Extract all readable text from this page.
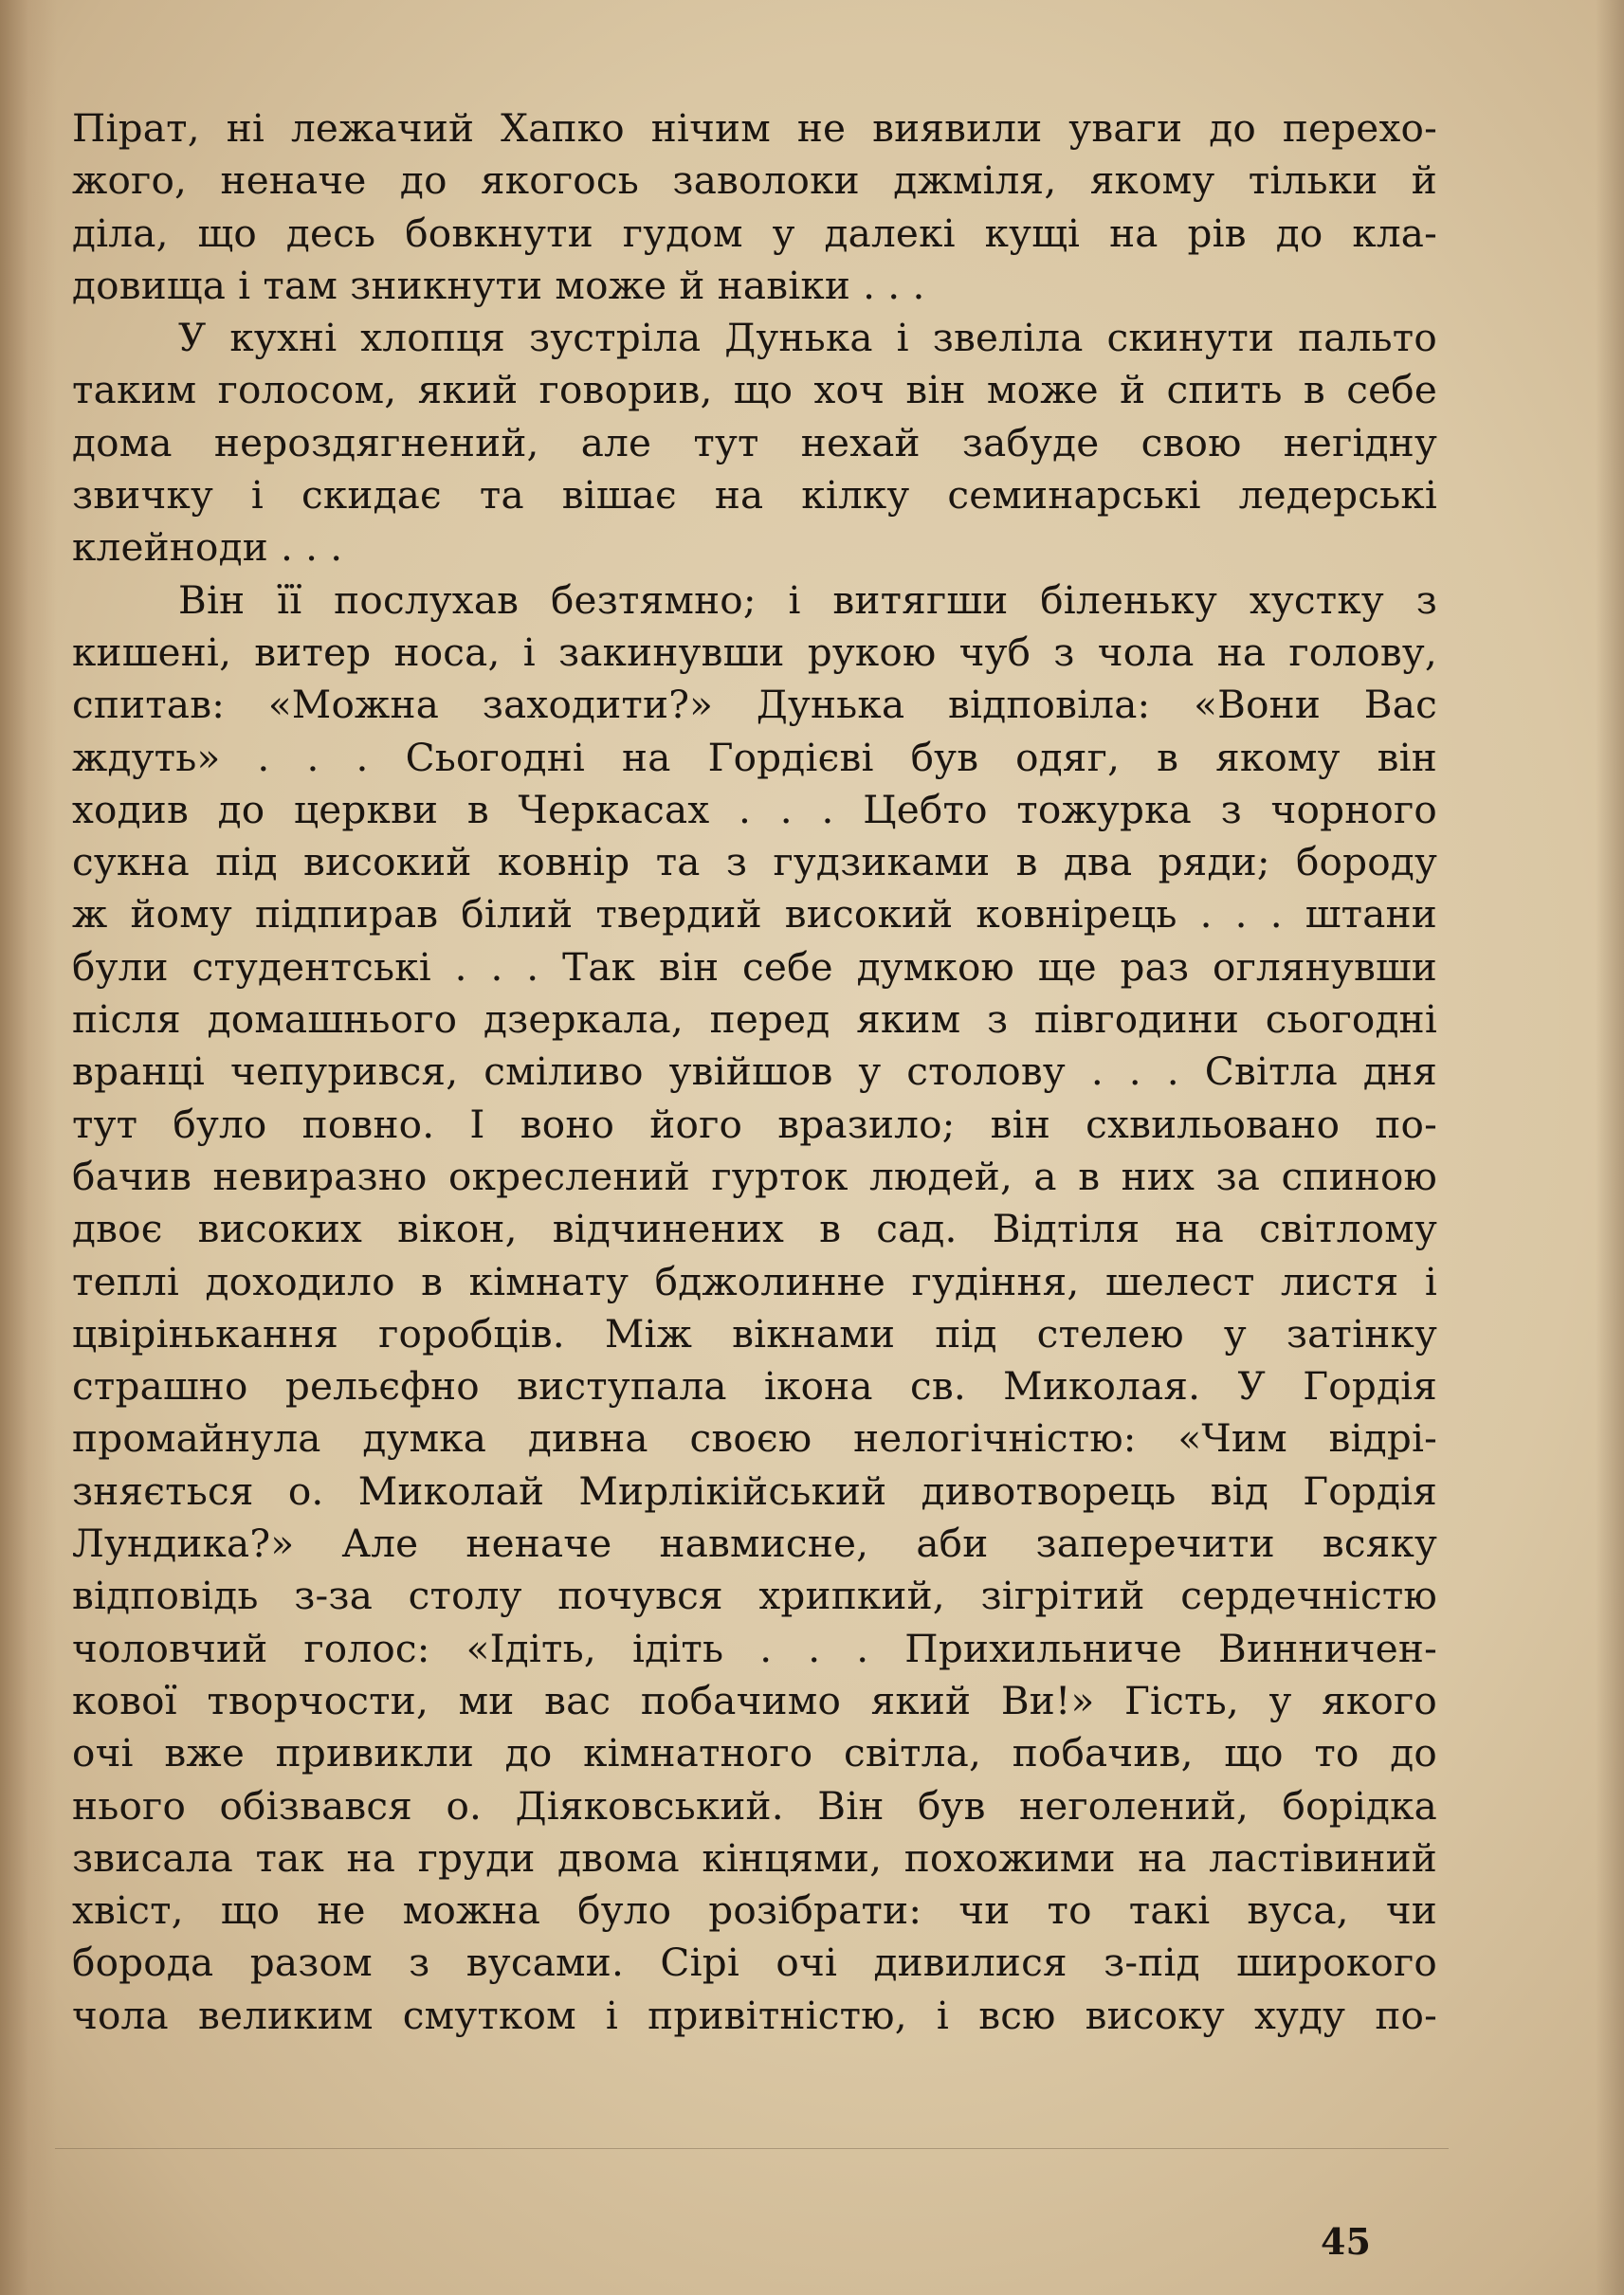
Пірат, ні лежачий Хапко нічим не виявили уваги до перехо-
жого, неначе до якогось заволоки джміля, якому тільки й
діла, що десь бовкнути гудом у далекі кущі на рів до кла-
довища і там зникнути може й навіки . . .
У кухні хлопця зустріла Дунька і звеліла скинути пальто
таким голосом, який говорив, що хоч він може й спить в себе
дома нероздягнений, але тут нехай забуде свою негідну
звичку і скидає та вішає на кілку семинарські ледерські
клейноди . . .
Він її послухав безтямно; і витягши біленьку хустку з
кишені, витер носа, і закинувши рукою чуб з чола на голову,
спитав: «Можна заходити?» Дунька відповіла: «Вони Вас
ждуть» . . . Сьогодні на Гордієві був одяг, в якому він
ходив до церкви в Черкасах . . . Цебто тожурка з чорного
сукна під високий ковнір та з гудзиками в два ряди; бороду
ж йому підпирав білий твердий високий ковнірець . . . штани
були студентські . . . Так він себе думкою ще раз оглянувши
після домашнього дзеркала, перед яким з півгодини сьогодні
вранці чепурився, сміливо увійшов у столову . . . Світла дня
тут було повно. І воно його вразило; він схвильовано по-
бачив невиразно окреслений гурток людей, а в них за спиною
двоє високих вікон, відчинених в сад. Відтіля на світлому
теплі доходило в кімнату бджолинне гудіння, шелест листя і
цвірінькання горобців. Між вікнами під стелею у затінку
страшно рельєфно виступала ікона св. Миколая. У Гордія
промайнула думка дивна своєю нелогічністю: «Чим відрі-
зняється о. Миколай Мирлікійський дивотворець від Гордія
Лундика?» Але неначе навмисне, аби заперечити всяку
відповідь з-за столу почувся хрипкий, зігрітий сердечністю
чоловчий голос: «Ідіть, ідіть . . . Прихильниче Винничен-
кової творчости, ми вас побачимо який Ви!» Гість, у якого
очі вже привикли до кімнатного світла, побачив, що то до
нього обізвався о. Діяковський. Він був неголений, борідка
звисала так на груди двома кінцями, похожими на ластівиний
хвіст, що не можна було розібрати: чи то такі вуса, чи
борода разом з вусами. Сірі очі дивилися з-під широкого
чола великим смутком і привітністю, і всю високу худу по-
45
